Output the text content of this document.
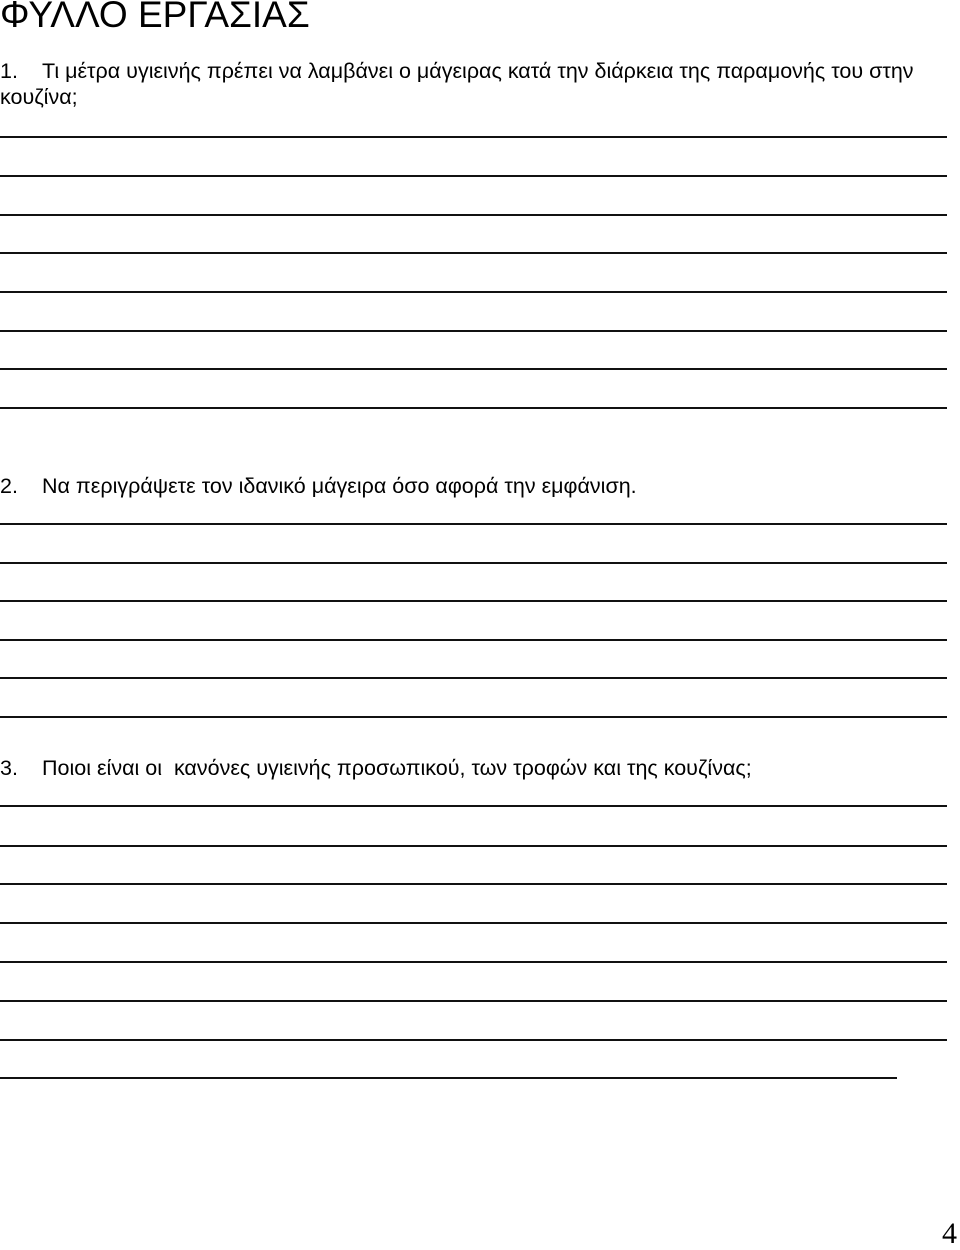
ΦΥΛΛΟ ΕΡΓΑΣΙΑΣ
1. Τι μέτρα υγιεινής πρέπει να λαμβάνει ο μάγειρας κατά την διάρκεια της παραμονής του στην
κουζίνα;
2. Να περιγράψετε τον ιδανικό μάγειρα όσο αφορά την εμφάνιση.
3. Ποιοι είναι οι  κανόνες υγιεινής προσωπικού, των τροφών και της κουζίνας;
4
